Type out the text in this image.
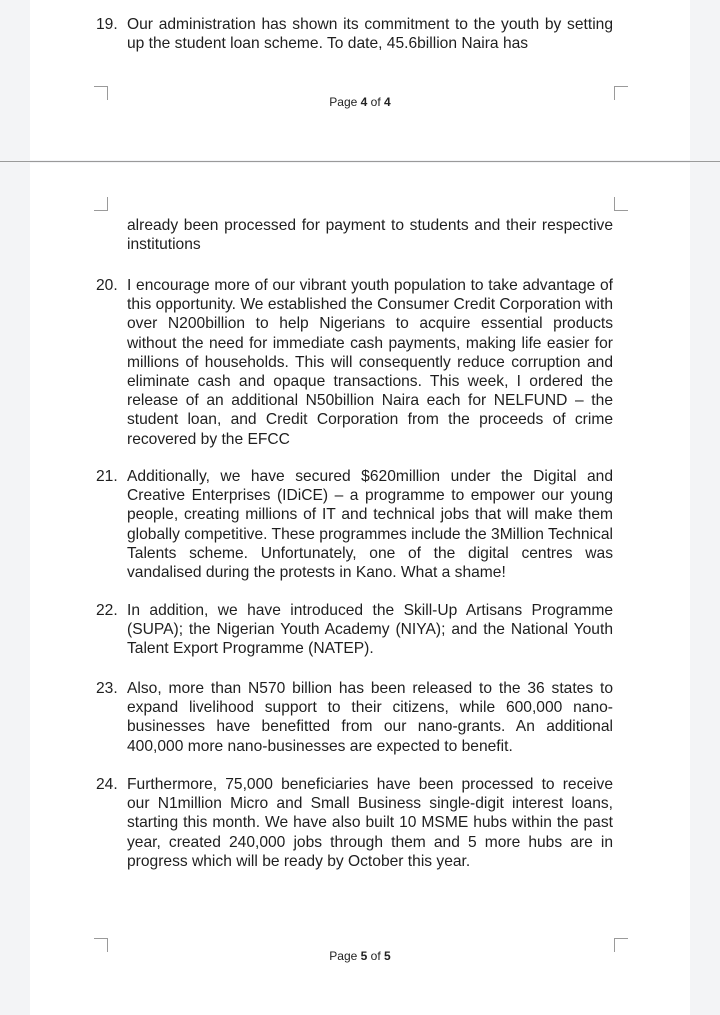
19. Our administration has shown its commitment to the youth by setting up the student loan scheme. To date, 45.6billion Naira has
Page 4 of 4
already been processed for payment to students and their respective institutions
20. I encourage more of our vibrant youth population to take advantage of this opportunity. We established the Consumer Credit Corporation with over N200billion to help Nigerians to acquire essential products without the need for immediate cash payments, making life easier for millions of households. This will consequently reduce corruption and eliminate cash and opaque transactions. This week, I ordered the release of an additional N50billion Naira each for NELFUND – the student loan, and Credit Corporation from the proceeds of crime recovered by the EFCC
21. Additionally, we have secured $620million under the Digital and Creative Enterprises (IDiCE) – a programme to empower our young people, creating millions of IT and technical jobs that will make them globally competitive. These programmes include the 3Million Technical Talents scheme. Unfortunately, one of the digital centres was vandalised during the protests in Kano. What a shame!
22. In addition, we have introduced the Skill-Up Artisans Programme (SUPA); the Nigerian Youth Academy (NIYA); and the National Youth Talent Export Programme (NATEP).
23. Also, more than N570 billion has been released to the 36 states to expand livelihood support to their citizens, while 600,000 nano-businesses have benefitted from our nano-grants. An additional 400,000 more nano-businesses are expected to benefit.
24. Furthermore, 75,000 beneficiaries have been processed to receive our N1million Micro and Small Business single-digit interest loans, starting this month. We have also built 10 MSME hubs within the past year, created 240,000 jobs through them and 5 more hubs are in progress which will be ready by October this year.
Page 5 of 5
